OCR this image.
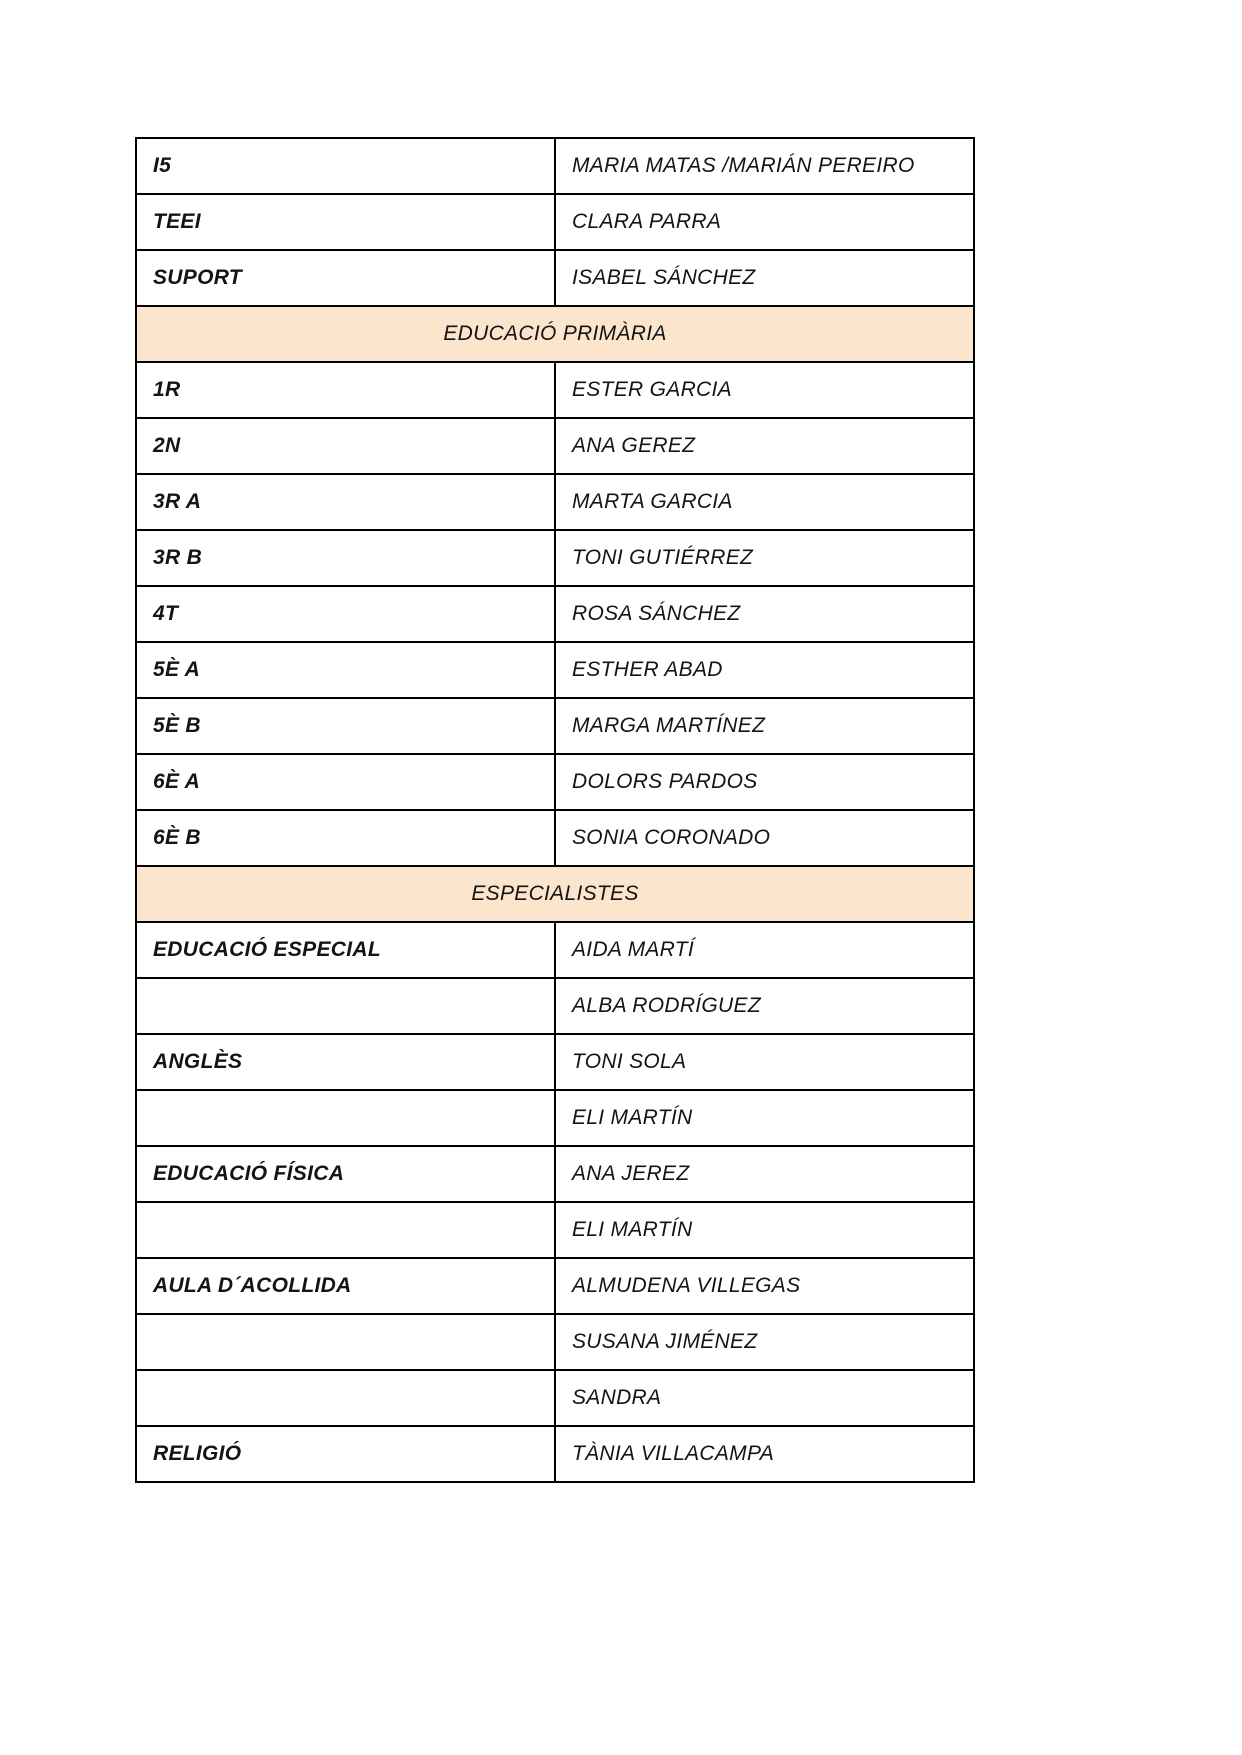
I5	MARIA MATAS /MARIÁN PEREIRO
TEEI	CLARA PARRA
SUPORT	ISABEL SÁNCHEZ
EDUCACIÓ PRIMÀRIA	
1R	ESTER GARCIA
2N	ANA GEREZ
3R A	MARTA GARCIA
3R B	TONI GUTIÉRREZ
4T	ROSA SÁNCHEZ
5È A	ESTHER ABAD
5È B	MARGA MARTÍNEZ
6È A	DOLORS PARDOS
6È B	SONIA CORONADO
ESPECIALISTES	
EDUCACIÓ ESPECIAL	AIDA MARTÍ
	ALBA RODRÍGUEZ
ANGLÈS	TONI SOLA
	ELI MARTÍN
EDUCACIÓ FÍSICA	ANA JEREZ
	ELI MARTÍN
AULA D´ACOLLIDA	ALMUDENA VILLEGAS
	SUSANA JIMÉNEZ
	SANDRA
RELIGIÓ	TÀNIA VILLACAMPA
